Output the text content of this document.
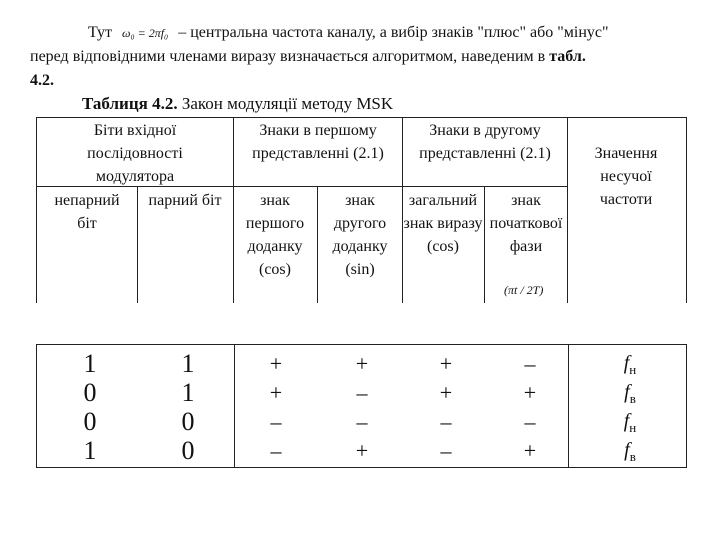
Тут ω₀ = 2πf₀ – центральна частота каналу, а вибір знаків "плюс" або "мінус"
перед відповідними членами виразу визначається алгоритмом, наведеним в табл.
4.2.
Таблиця 4.2. Закон модуляції методу MSK
Біти вхідної послідовності модулятора
Знаки в першому представленні (2.1)
Знаки в другому представленні (2.1)	Значення несучої частоти
непарний біт
парний біт	знак першого доданку (cos)
знак другого доданку (sin)
загальний знак виразу (cos)
знак початкової фази
(πt / 2T)
1
0
0
1
1
1
0
0
+
+
–
–
+
–
–
+
+
+
–
–
–
+
–
+
$f_н$
$f_в$
$f_н$
$f_в$
